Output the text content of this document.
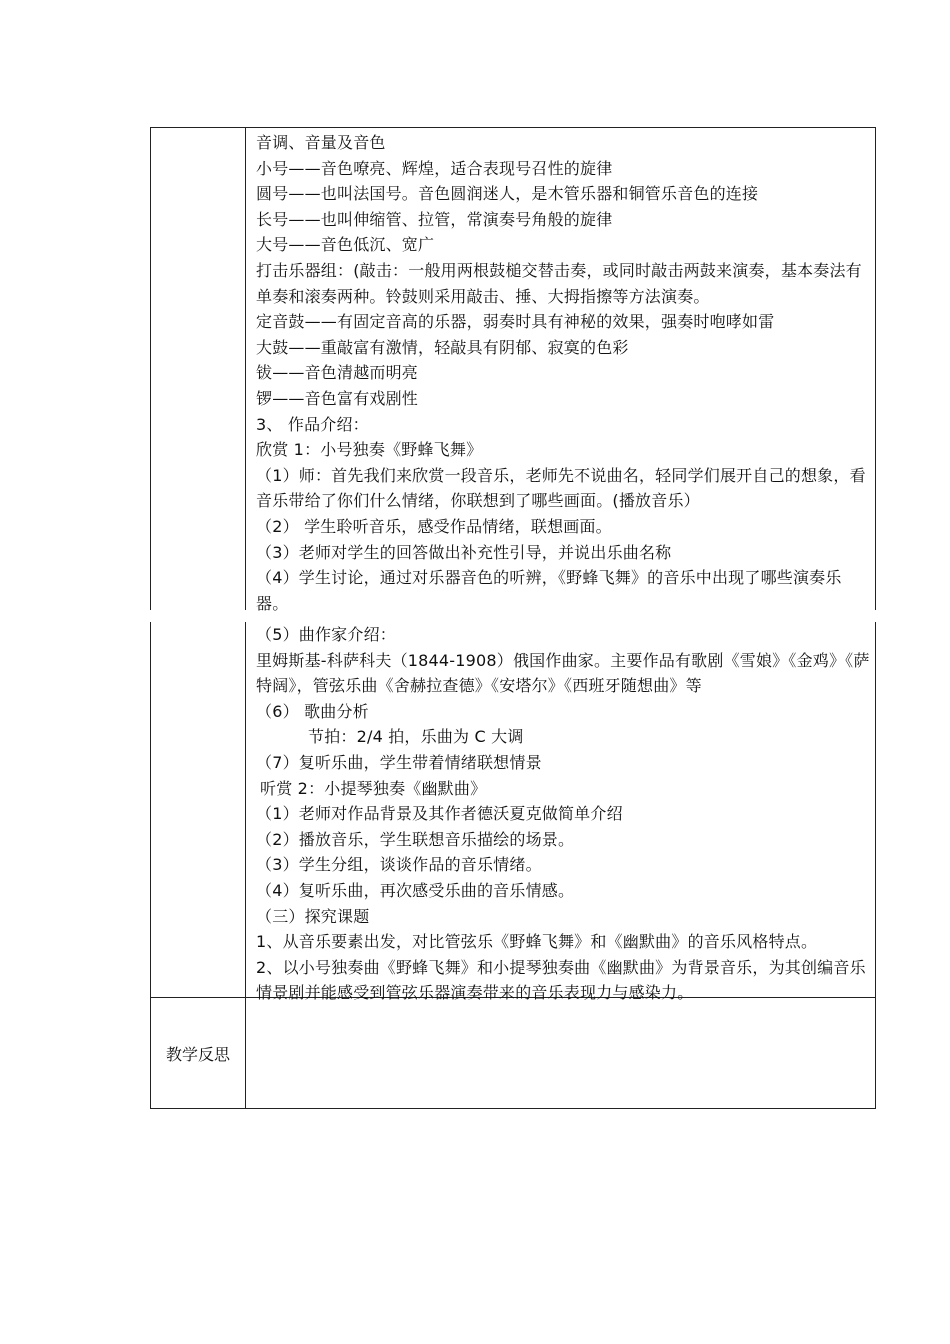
音调、音量及音色
小号——音色嘹亮、辉煌，适合表现号召性的旋律
圆号——也叫法国号。音色圆润迷人，是木管乐器和铜管乐音色的连接
长号——也叫伸缩管、拉管，常演奏号角般的旋律
大号——音色低沉、宽广
打击乐器组：(敲击：一般用两根鼓槌交替击奏，或同时敲击两鼓来演奏，基本奏法有单奏和滚奏两种。铃鼓则采用敲击、捶、大拇指擦等方法演奏。
定音鼓——有固定音高的乐器，弱奏时具有神秘的效果，强奏时咆哮如雷
大鼓——重敲富有激情，轻敲具有阴郁、寂寞的色彩
钹——音色清越而明亮
锣——音色富有戏剧性
3、 作品介绍：
欣赏 1：小号独奏《野蜂飞舞》
（1）师：首先我们来欣赏一段音乐，老师先不说曲名，轻同学们展开自己的想象，看音乐带给了你们什么情绪，你联想到了哪些画面。(播放音乐）
（2） 学生聆听音乐，感受作品情绪，联想画面。
（3）老师对学生的回答做出补充性引导，并说出乐曲名称
（4）学生讨论，通过对乐器音色的听辨，《野蜂飞舞》的音乐中出现了哪些演奏乐器。
（5）曲作家介绍：
里姆斯基-科萨科夫（1844-1908）俄国作曲家。主要作品有歌剧《雪娘》《金鸡》《萨特阔》，管弦乐曲《舍赫拉查德》《安塔尔》《西班牙随想曲》等
（6） 歌曲分析
节拍：2/4 拍，乐曲为 C 大调
（7）复听乐曲，学生带着情绪联想情景
听赏 2：小提琴独奏《幽默曲》
（1）老师对作品背景及其作者德沃夏克做简单介绍
（2）播放音乐，学生联想音乐描绘的场景。
（3）学生分组，谈谈作品的音乐情绪。
（4）复听乐曲，再次感受乐曲的音乐情感。
（三）探究课题
1、从音乐要素出发，对比管弦乐《野蜂飞舞》和《幽默曲》的音乐风格特点。
2、以小号独奏曲《野蜂飞舞》和小提琴独奏曲《幽默曲》为背景音乐，为其创编音乐情景剧并能感受到管弦乐器演奏带来的音乐表现力与感染力。
教学反思
